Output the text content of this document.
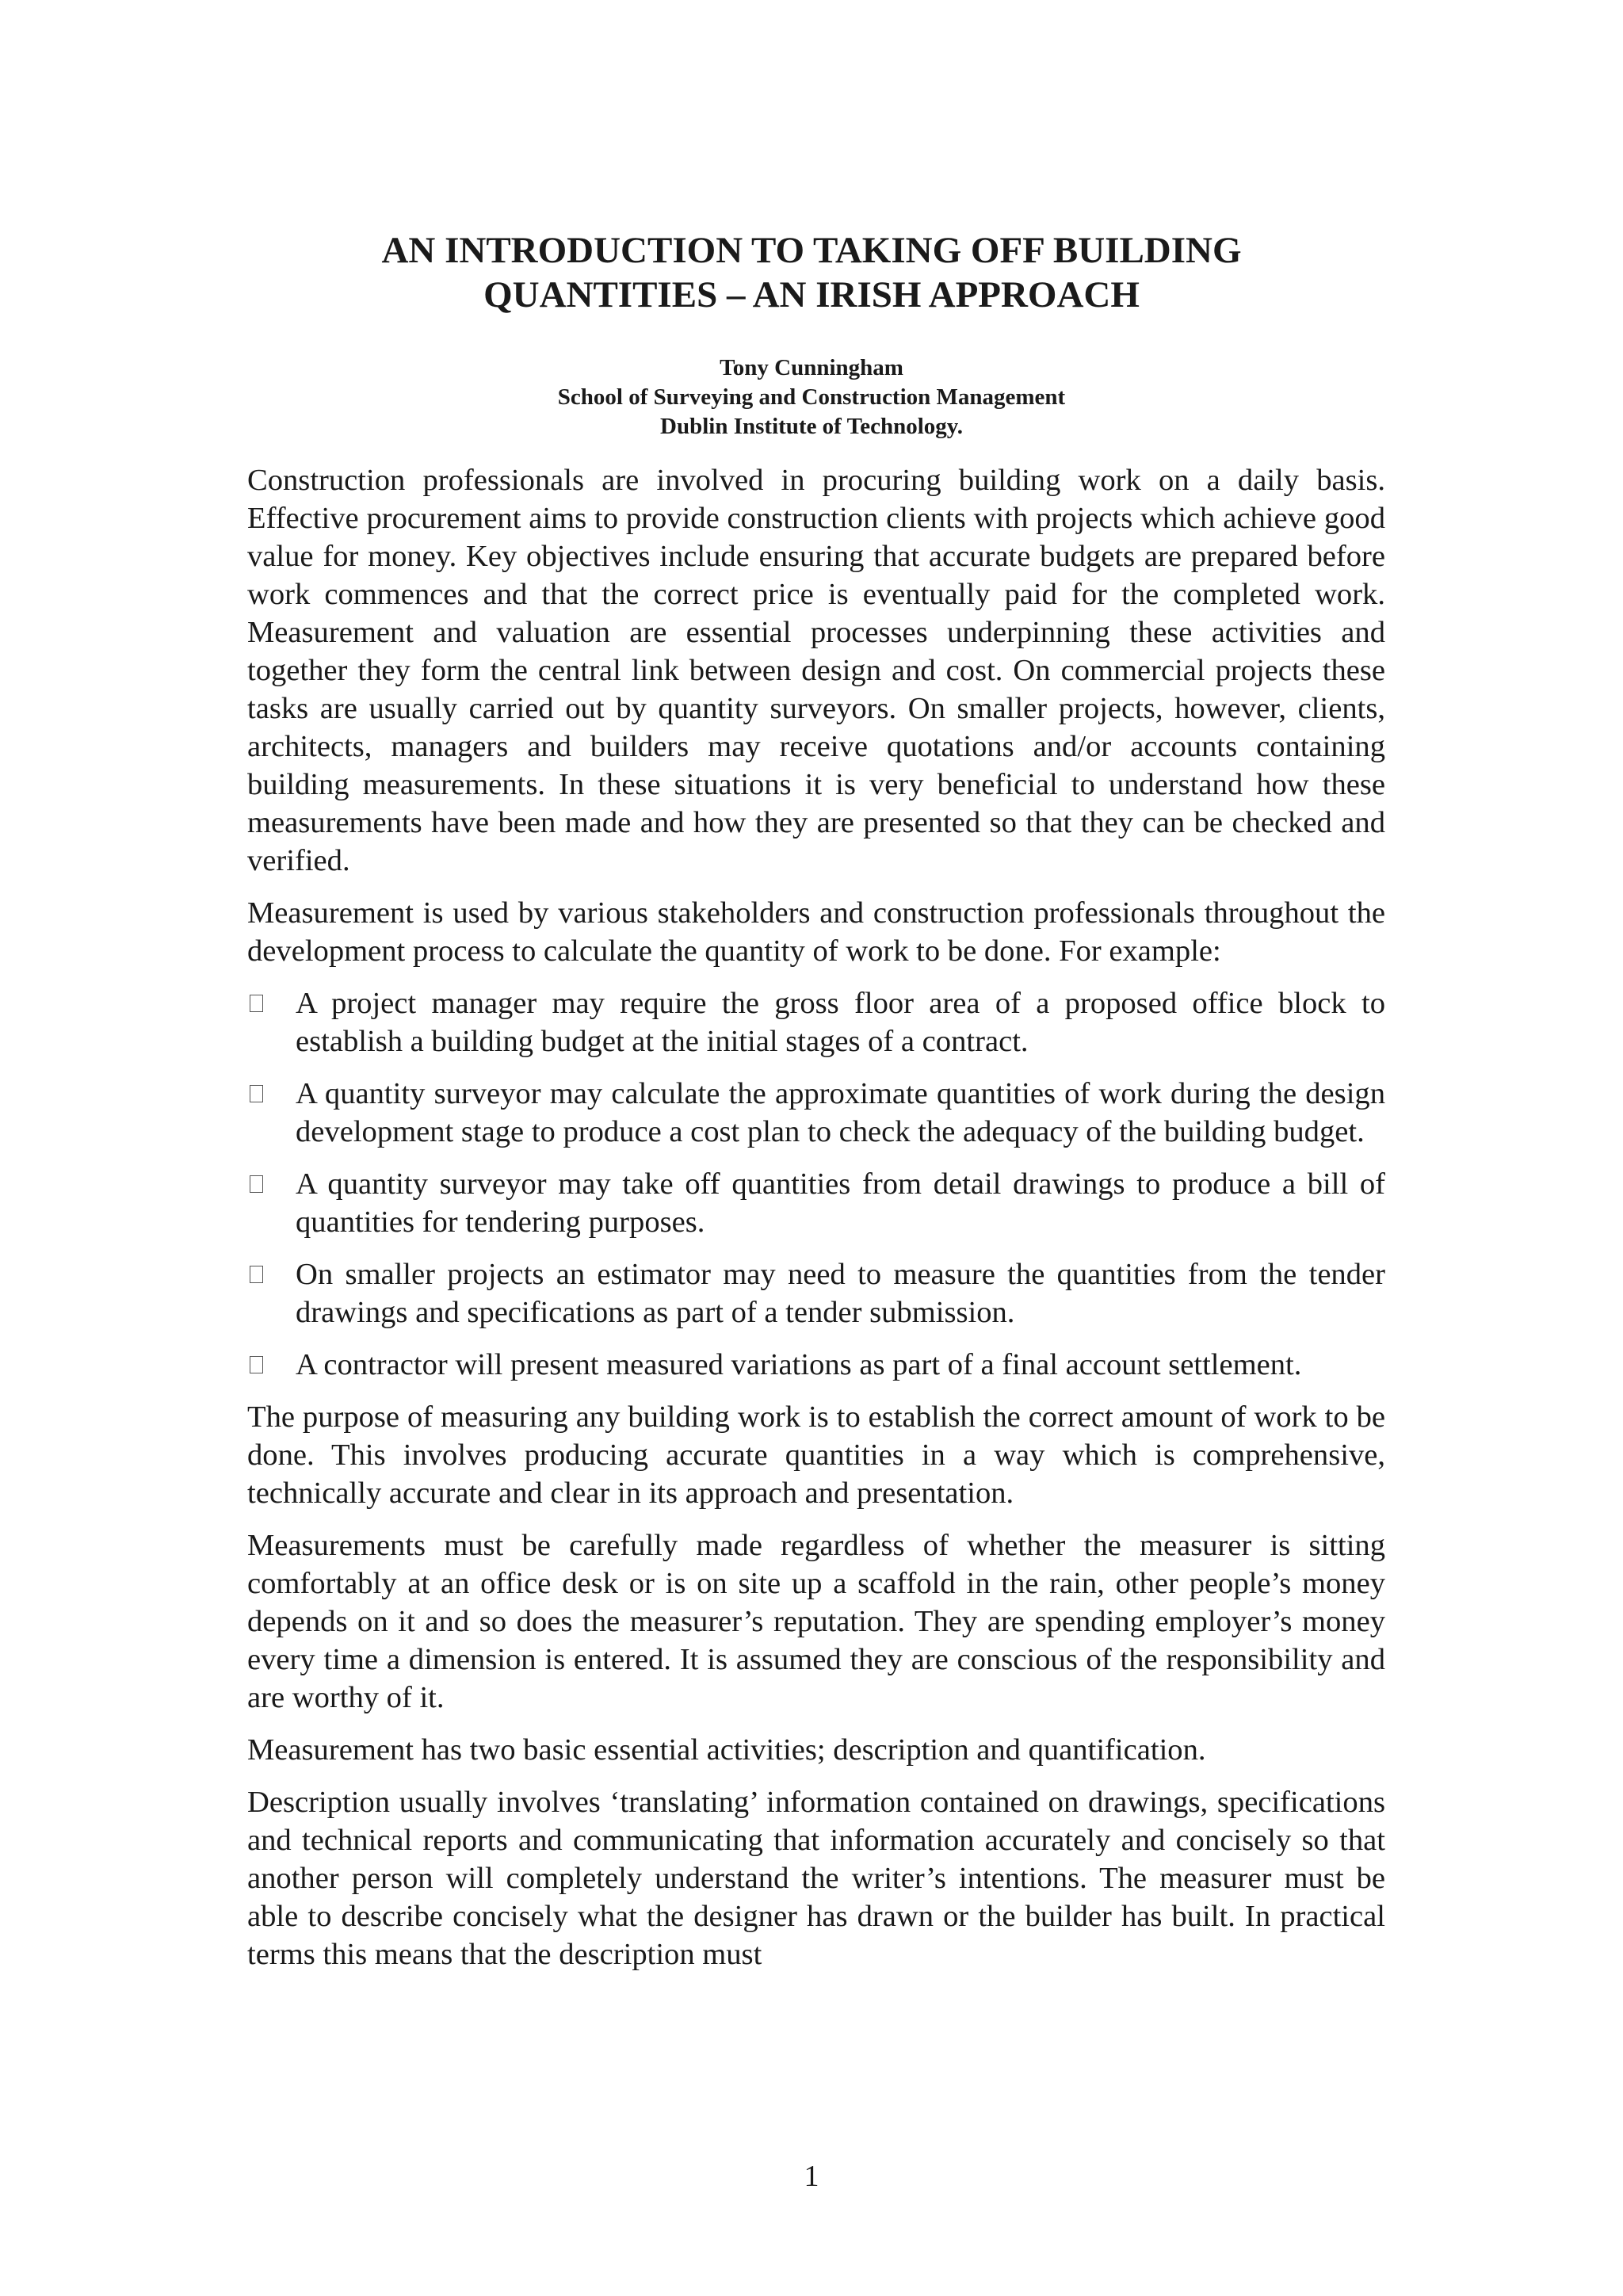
AN INTRODUCTION TO TAKING OFF BUILDING
QUANTITIES – AN IRISH APPROACH
Tony Cunningham
School of Surveying and Construction Management
Dublin Institute of Technology.

Construction professionals are involved in procuring building work on a daily basis. Effective procurement aims to provide construction clients with projects which achieve good value for money. Key objectives include ensuring that accurate budgets are prepared before work commences and that the correct price is eventually paid for the completed work. Measurement and valuation are essential processes underpinning these activities and together they form the central link between design and cost. On commercial projects these tasks are usually carried out by quantity surveyors. On smaller projects, however, clients, architects, managers and builders may receive quotations and/or accounts containing building measurements. In these situations it is very beneficial to understand how these measurements have been made and how they are presented so that they can be checked and verified.

Measurement is used by various stakeholders and construction professionals throughout the development process to calculate the quantity of work to be done. For example:

A project manager may require the gross floor area of a proposed office block to establish a building budget at the initial stages of a contract.
A quantity surveyor may calculate the approximate quantities of work during the design development stage to produce a cost plan to check the adequacy of the building budget.
A quantity surveyor may take off quantities from detail drawings to produce a bill of quantities for tendering purposes.
On smaller projects an estimator may need to measure the quantities from the tender drawings and specifications as part of a tender submission.
A contractor will present measured variations as part of a final account settlement.

The purpose of measuring any building work is to establish the correct amount of work to be done. This involves producing accurate quantities in a way which is comprehensive, technically accurate and clear in its approach and presentation.

Measurements must be carefully made regardless of whether the measurer is sitting comfortably at an office desk or is on site up a scaffold in the rain, other people’s money depends on it and so does the measurer’s reputation. They are spending employer’s money every time a dimension is entered. It is assumed they are conscious of the responsibility and are worthy of it.

Measurement has two basic essential activities; description and quantification.

Description usually involves ‘translating’ information contained on drawings, specifications and technical reports and communicating that information accurately and concisely so that another person will completely understand the writer’s intentions. The measurer must be able to describe concisely what the designer has drawn or the builder has built. In practical terms this means that the description must

1
